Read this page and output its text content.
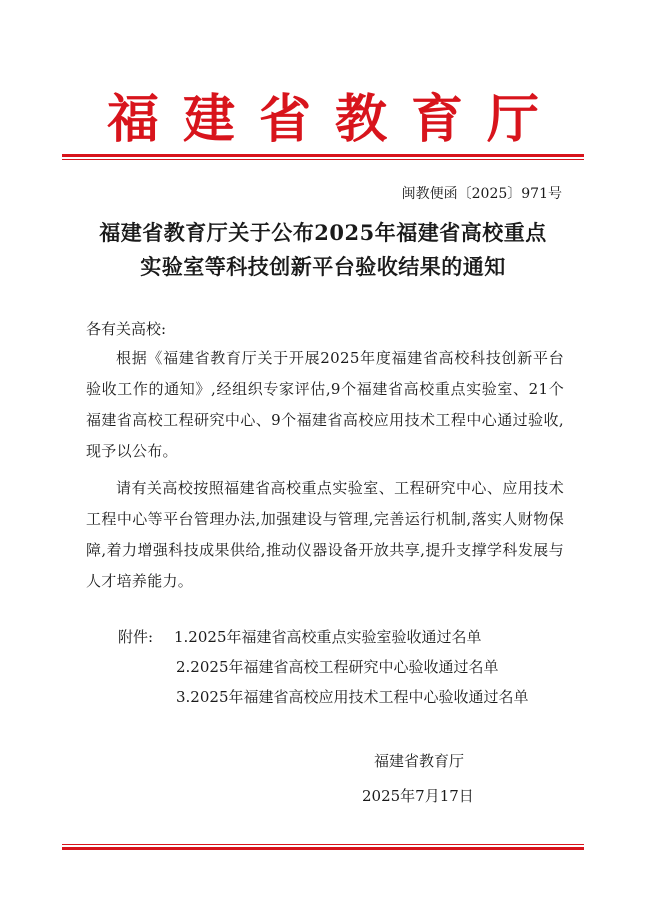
福建省教育厅
闽教便函〔2025〕971号
福建省教育厅关于公布2025年福建省高校重点
实验室等科技创新平台验收结果的通知
各有关高校:
根据《福建省教育厅关于开展2025年度福建省高校科技创新平台验收工作的通知》,经组织专家评估,9个福建省高校重点实验室、21个福建省高校工程研究中心、9个福建省高校应用技术工程中心通过验收,现予以公布。
请有关高校按照福建省高校重点实验室、工程研究中心、应用技术工程中心等平台管理办法,加强建设与管理,完善运行机制,落实人财物保障,着力增强科技成果供给,推动仪器设备开放共享,提升支撑学科发展与人才培养能力。
附件:	1.2025年福建省高校重点实验室验收通过名单
2.2025年福建省高校工程研究中心验收通过名单
3.2025年福建省高校应用技术工程中心验收通过名单
福建省教育厅
2025年7月17日
